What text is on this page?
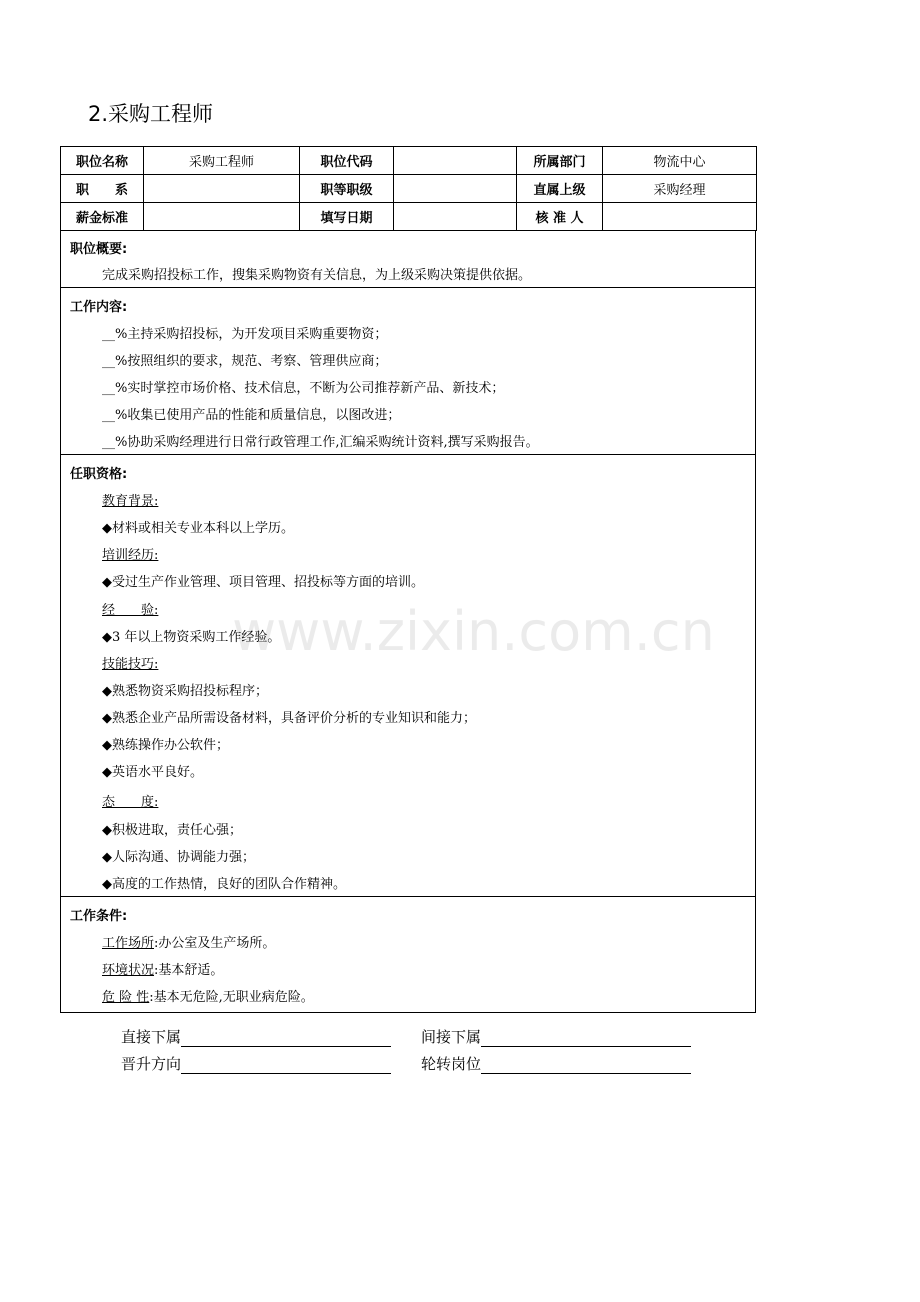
2.采购工程师
职位名称	采购工程师	职位代码		所属部门	物流中心
职　　系		职等职级		直属上级	采购经理
薪金标准		填写日期		核 准 人	
职位概要:
完成采购招投标工作，搜集采购物资有关信息，为上级采购决策提供依据。
工作内容:
__%主持采购招投标，为开发项目采购重要物资；
__%按照组织的要求，规范、考察、管理供应商；
__%实时掌控市场价格、技术信息，不断为公司推荐新产品、新技术；
__%收集已使用产品的性能和质量信息，以图改进；
__%协助采购经理进行日常行政管理工作,汇编采购统计资料,撰写采购报告。
任职资格:
教育背景:
◆材料或相关专业本科以上学历。
培训经历:
◆受过生产作业管理、项目管理、招投标等方面的培训。
经　　验:
◆3 年以上物资采购工作经验。
技能技巧:
◆熟悉物资采购招投标程序；
◆熟悉企业产品所需设备材料，具备评价分析的专业知识和能力；
◆熟练操作办公软件；
◆英语水平良好。
态　　度:
◆积极进取，责任心强；
◆人际沟通、协调能力强；
◆高度的工作热情，良好的团队合作精神。
工作条件:
工作场所:办公室及生产场所。
环境状况:基本舒适。
危 险 性:基本无危险,无职业病危险。
直接下属	间接下属
晋升方向	轮转岗位
www.zixin.com.cn
